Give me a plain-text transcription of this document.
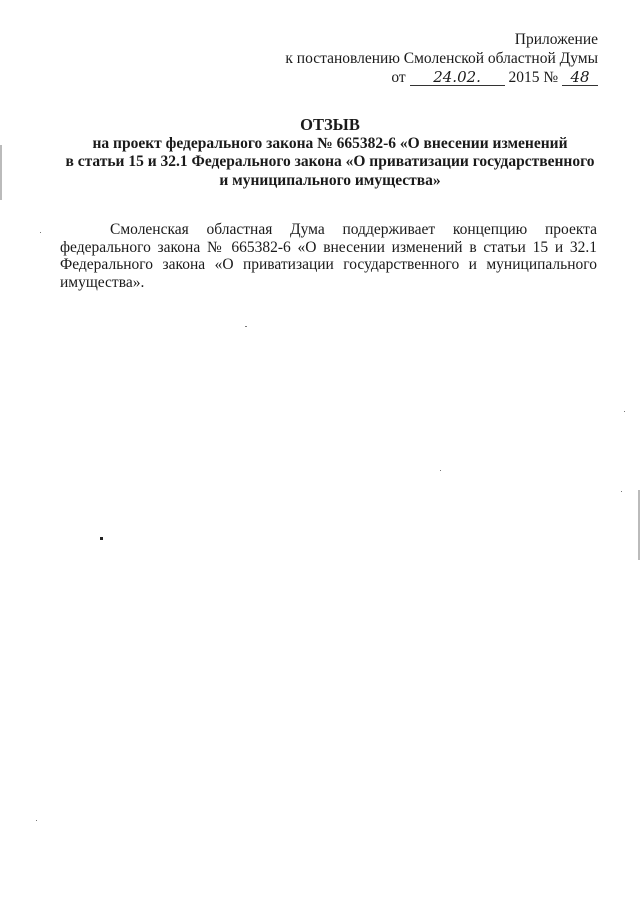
Приложение
к постановлению Смоленской областной Думы
от 24.02. 2015 № 48
ОТЗЫВ
на проект федерального закона № 665382-6 «О внесении изменений
в статьи 15 и 32.1 Федерального закона «О приватизации государственного
и муниципального имущества»
Смоленская областная Дума поддерживает концепцию проекта федерального закона № 665382-6 «О внесении изменений в статьи 15 и 32.1 Федерального закона «О приватизации государственного и муниципального имущества».
